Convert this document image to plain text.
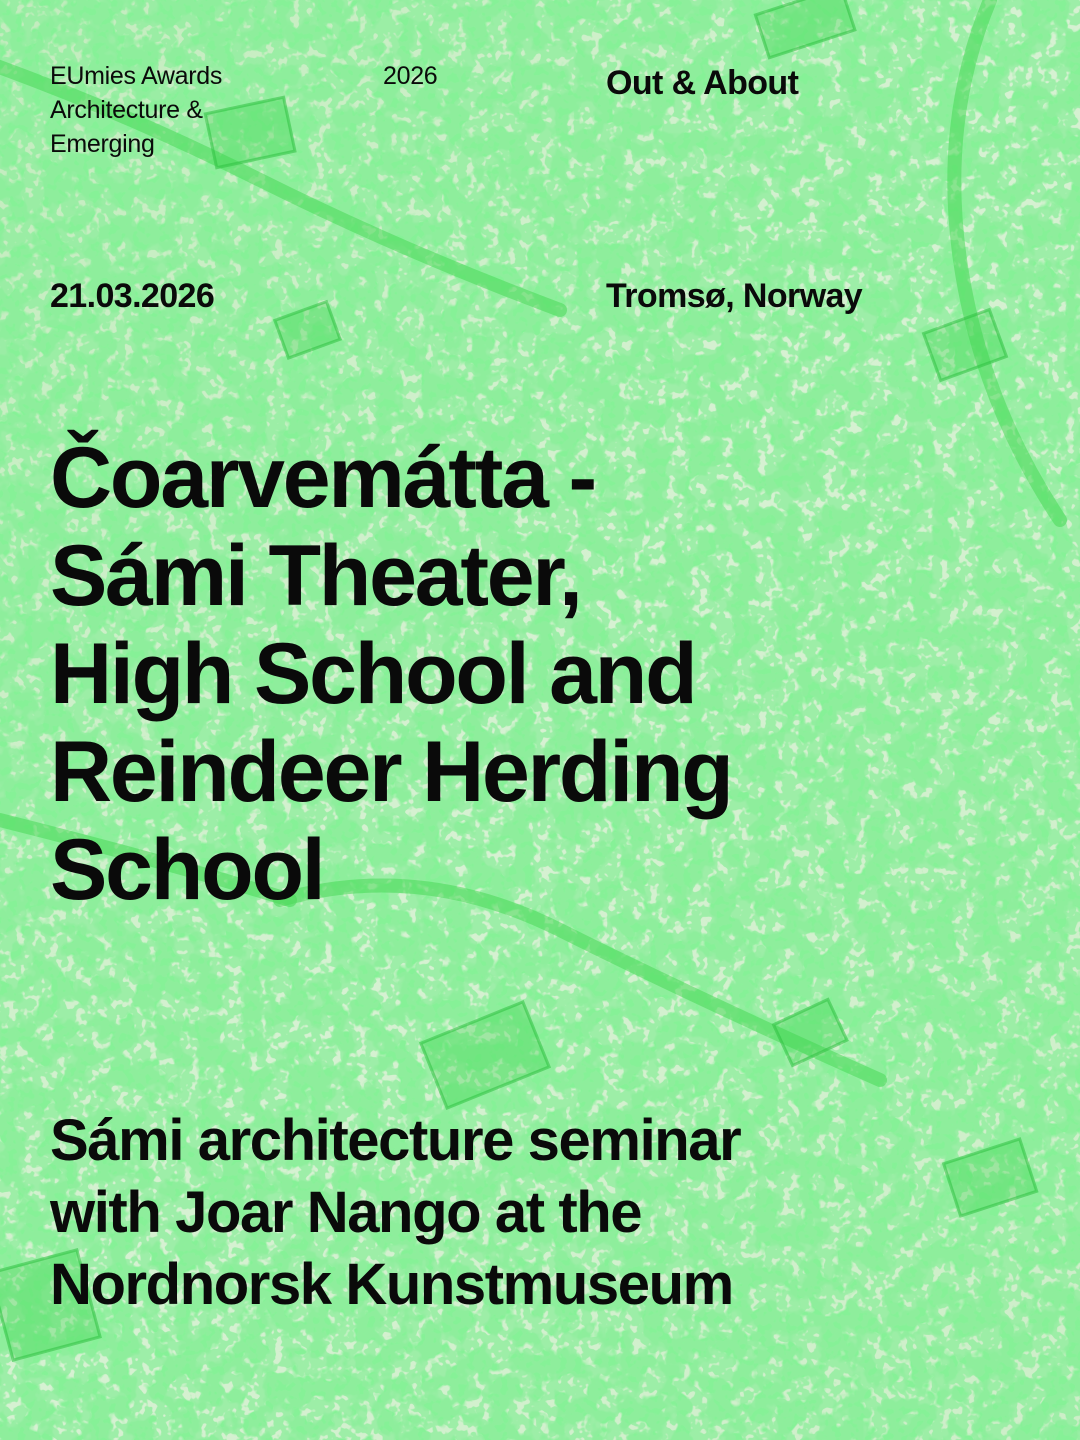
EUmies Awards
Architecture &
Emerging
2026	Out & About
21.03.2026	Tromsø, Norway
Čoarvemátta -
Sámi Theater,
High School and
Reindeer Herding
School
Sámi architecture seminar
with Joar Nango at the
Nordnorsk Kunstmuseum
